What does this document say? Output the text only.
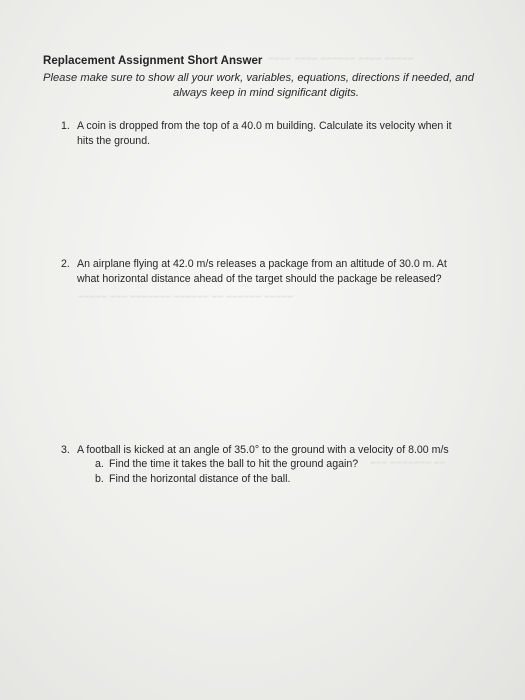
~~~~~ ~~~~ ~~~~~~ ~~~~ ~~~~
~~~~~ ~~~~~~ ~~ ~~~~~~ ~~~~~~~ ~~~ ~~~~~
~~ ~~~~~~~ ~~~
Replacement Assignment Short Answer
Please make sure to show all your work, variables, equations, directions if needed, and
always keep in mind significant digits.
1. A coin is dropped from the top of a 40.0 m building. Calculate its velocity when it
hits the ground.
2. An airplane flying at 42.0 m/s releases a package from an altitude of 30.0 m. At
what horizontal distance ahead of the target should the package be released?
3. A football is kicked at an angle of 35.0° to the ground with a velocity of 8.00 m/s
a. Find the time it takes the ball to hit the ground again?
b. Find the horizontal distance of the ball.
